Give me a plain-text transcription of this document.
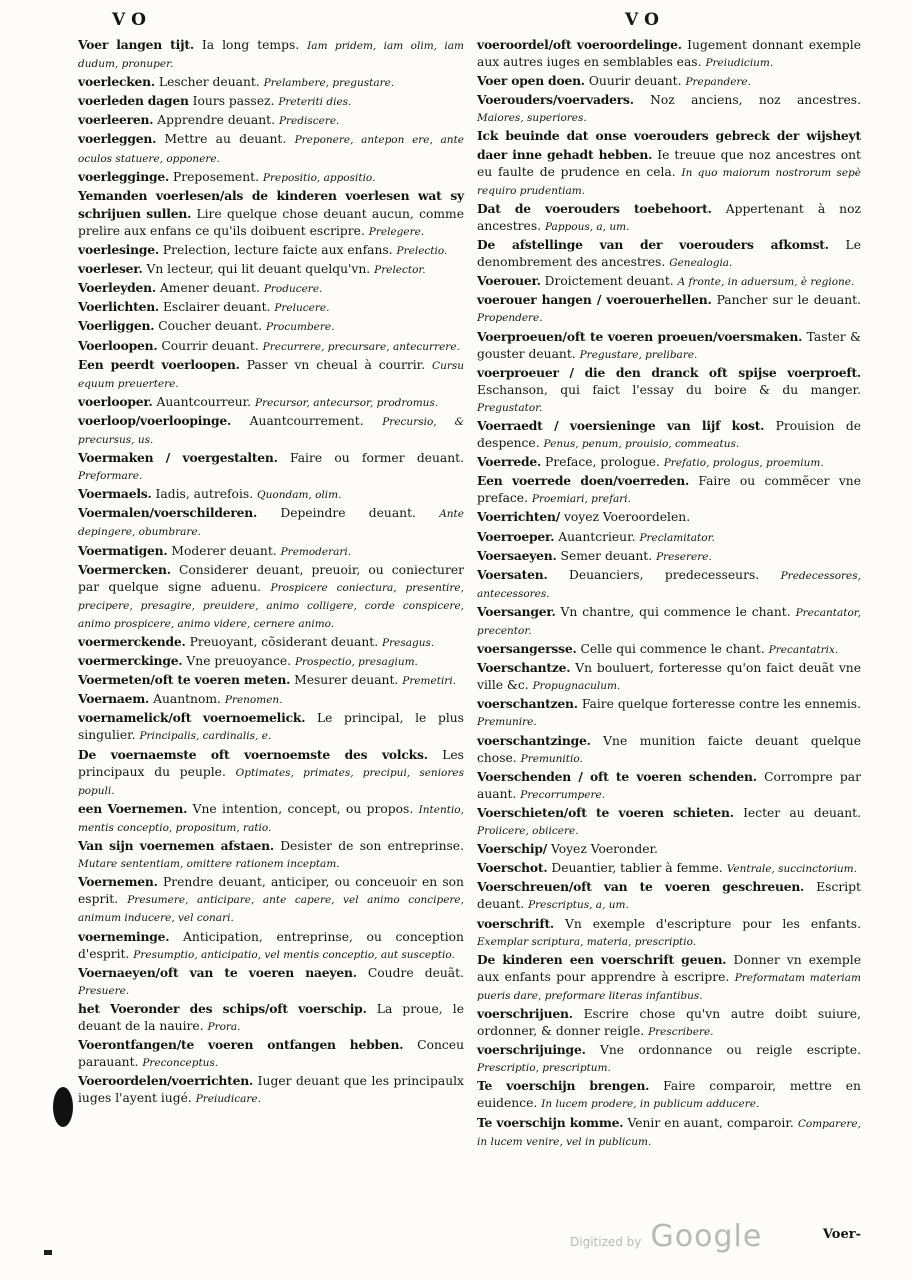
V O	V O

Voer langen tijt. Ia long temps. Iam pridem, iam olim, iam dudum, pronuper.

voerlecken. Lescher deuant. Prelambere, pregustare.

voerleden dagen Iours passez. Preteriti dies.

voerleeren. Apprendre deuant. Prediscere.

voerleggen. Mettre au deuant. Preponere, antepon ere, ante oculos statuere, opponere.

voerlegginge. Preposement. Prepositio, appositio.

Yemanden voerlesen/als de kinderen voerlesen wat sy schrijuen sullen. Lire quelque chose deuant aucun, comme prelire aux enfans ce qu'ils doibuent escripre. Prelegere.

voerlesinge. Prelection, lecture faicte aux enfans. Prelectio.

voerleser. Vn lecteur, qui lit deuant quelqu'vn. Prelector.

Voerleyden. Amener deuant. Producere.

Voerlichten. Esclairer deuant. Prelucere.

Voerliggen. Coucher deuant. Procumbere.

Voerloopen. Courrir deuant. Precurrere, precursare, antecurrere.

Een peerdt voerloopen. Passer vn cheual à courrir. Cursu equum preuertere.

voerlooper. Auantcourreur. Precursor, antecursor, prodromus.

voerloop/voerloopinge. Auantcourrement. Precursio, & precursus, us.

Voermaken / voergestalten. Faire ou former deuant. Preformare.

Voermaels. Iadis, autrefois. Quondam, olim.

Voermalen/voerschilderen. Depeindre deuant. Ante depingere, obumbrare.

Voermatigen. Moderer deuant. Premoderari.

Voermercken. Considerer deuant, preuoir, ou coniecturer par quelque signe aduenu. Prospicere coniectura, presentire, precipere, presagire, preuidere, animo colligere, corde conspicere, animo prospicere, animo videre, cernere animo.

voermerckende. Preuoyant, cõsiderant deuant. Presagus.

voermerckinge. Vne preuoyance. Prospectio, presagium.

Voermeten/oft te voeren meten. Mesurer deuant. Premetiri.

Voernaem. Auantnom. Prenomen.

voernamelick/oft voernoemelick. Le principal, le plus singulier. Principalis, cardinalis, e.

De voernaemste oft voernoemste des volcks. Les principaux du peuple. Optimates, primates, precipui, seniores populi.

een Voernemen. Vne intention, concept, ou propos. Intentio, mentis conceptio, propositum, ratio.

Van sijn voernemen afstaen. Desister de son entreprinse. Mutare sententiam, omittere rationem inceptam.

Voernemen. Prendre deuant, anticiper, ou conceuoir en son esprit. Presumere, anticipare, ante capere, vel animo concipere, animum inducere, vel conari.

voernemingе. Anticipation, entreprinse, ou conception d'esprit. Presumptio, anticipatio, vel mentis conceptio, aut susceptio.

Voernaeyen/oft van te voeren naeyen. Coudre deuãt. Presuere.

het Voeronder des schips/oft voerschip. La proue, le deuant de la nauire. Prora.

Voerontfangen/te voeren ontfangen hebben. Conceu parauant. Preconceptus.

Voeroordelen/voerrichten. Iuger deuant que les principaulx iuges l'ayent iugé. Preiudicare.

voeroordel/oft voeroordelinge. Iugement donnant exemple aux autres iuges en semblables eas. Preiudicium.

Voer open doen. Ouurir deuant. Prepandere.

Voerouders/voervaders. Noz anciens, noz ancestres. Maiores, superiores.

Ick beuinde dat onse voerouders gebreck der wijsheyt daer inne gehadt hebben. Ie treuue que noz ancestres ont eu faulte de prudence en cela. In quo maiorum nostrorum sepè requiro prudentiam.

Dat de voerouders toebehoort. Appertenant à noz ancestres. Pappous, a, um.

De afstellinge van der voerouders afkomst. Le denombrement des ancestres. Genealogia.

Voerouer. Droictement deuant. A fronte, in aduersum, è regione.

voerouer hangen / voerouerhellen. Pancher sur le deuant. Propendere.

Voerproeuen/oft te voeren proeuen/voersmaken. Taster & gouster deuant. Pregustare, prelibare.

voerproeuer / die den dranck oft spijse voerproeft. Eschanson, qui faict l'essay du boire & du manger. Pregustator.

Voerraedt / voersieninge van lijf kost. Prouision de despence. Penus, penum, prouisio, commeatus.

Voerrede. Preface, prologue. Prefatio, prologus, proemium.

Een voerrede doen/voerreden. Faire ou commẽcer vne preface. Proemiari, prefari.

Voerrichten/ voyez Voeroordelen.

Voerroeper. Auantcrieur. Preclamitator.

Voersaeyen. Semer deuant. Preserere.

Voersaten. Deuanciers, predecesseurs. Predecessores, antecessores.

Voersanger. Vn chantre, qui commence le chant. Precantator, precentor.

voersangersse. Celle qui commence le chant. Precantatrix.

Voerschantze. Vn bouluert, forteresse qu'on faict deuãt vne ville &c. Propugnaculum.

voerschantzen. Faire quelque forteresse contre les ennemis. Premunire.

voerschantzinge. Vne munition faicte deuant quelque chose. Premunitio.

Voerschenden / oft te voeren schenden. Corrompre par auant. Precorrumpere.

Voerschieten/oft te voeren schieten. Iecter au deuant. Proiicere, obiicere.

Voerschip/ Voyez Voeronder.

Voerschot. Deuantier, tablier à femme. Ventrale, succinctorium.

Voerschreuen/oft van te voeren geschreuen. Escript deuant. Prescriptus, a, um.

voerschrift. Vn exemple d'escripture pour les enfants. Exemplar scriptura, materia, prescriptio.

De kinderen een voerschrift geuen. Donner vn exemple aux enfants pour apprendre à escripre. Preformatam materiam pueris dare, preformare literas infantibus.

voerschrijuen. Escrire chose qu'vn autre doibt suiure, ordonner, & donner reigle. Prescribere.

voerschrijuinge. Vne ordonnance ou reigle escripte. Prescriptio, prescriptum.

Te voerschijn brengen. Faire comparoir, mettre en euidence. In lucem proderе, in publicum adducere.

Te voerschijn komme. Venir en auant, comparoir. Comparere, in lucem venire, vel in publicum.

Voer-
Digitized by Google
